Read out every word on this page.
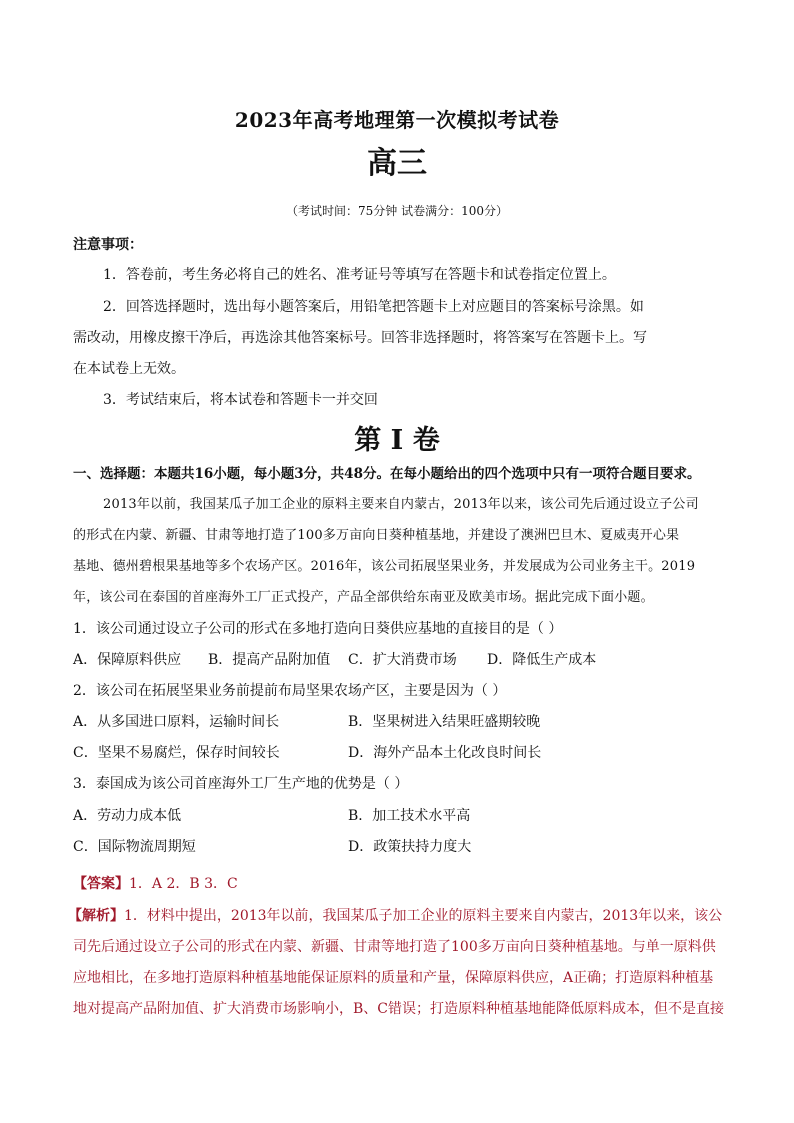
2023年高考地理第一次模拟考试卷
高三
（考试时间：75分钟 试卷满分：100分）
注意事项：
1．答卷前，考生务必将自己的姓名、准考证号等填写在答题卡和试卷指定位置上。
2．回答选择题时，选出每小题答案后，用铅笔把答题卡上对应题目的答案标号涂黑。如
需改动，用橡皮擦干净后，再选涂其他答案标号。回答非选择题时，将答案写在答题卡上。写
在本试卷上无效。
3．考试结束后，将本试卷和答题卡一并交回
第 I 卷
一、选择题：本题共16小题，每小题3分，共48分。在每小题给出的四个选项中只有一项符合题目要求。
2013年以前，我国某瓜子加工企业的原料主要来自内蒙古，2013年以来，该公司先后通过设立子公司
的形式在内蒙、新疆、甘肃等地打造了100多万亩向日葵种植基地，并建设了澳洲巴旦木、夏威夷开心果
基地、德州碧根果基地等多个农场产区。2016年，该公司拓展坚果业务，并发展成为公司业务主干。2019
年，该公司在泰国的首座海外工厂正式投产，产品全部供给东南亚及欧美市场。据此完成下面小题。
1．该公司通过设立子公司的形式在多地打造向日葵供应基地的直接目的是（ ）
A．保障原料供应 B．提高产品附加值 C．扩大消费市场 D．降低生产成本
2．该公司在拓展坚果业务前提前布局坚果农场产区，主要是因为（ ）
A．从多国进口原料，运输时间长	B．坚果树进入结果旺盛期较晚
C．坚果不易腐烂，保存时间较长	D．海外产品本土化改良时间长
3．泰国成为该公司首座海外工厂生产地的优势是（ ）
A．劳动力成本低	B．加工技术水平高
C．国际物流周期短	D．政策扶持力度大
【答案】1．A 2．B 3．C
【解析】1．材料中提出，2013年以前，我国某瓜子加工企业的原料主要来自内蒙古，2013年以来，该公
司先后通过设立子公司的形式在内蒙、新疆、甘肃等地打造了100多万亩向日葵种植基地。与单一原料供
应地相比，在多地打造原料种植基地能保证原料的质量和产量，保障原料供应，A正确；打造原料种植基
地对提高产品附加值、扩大消费市场影响小，B、C错误；打造原料种植基地能降低原料成本，但不是直接
